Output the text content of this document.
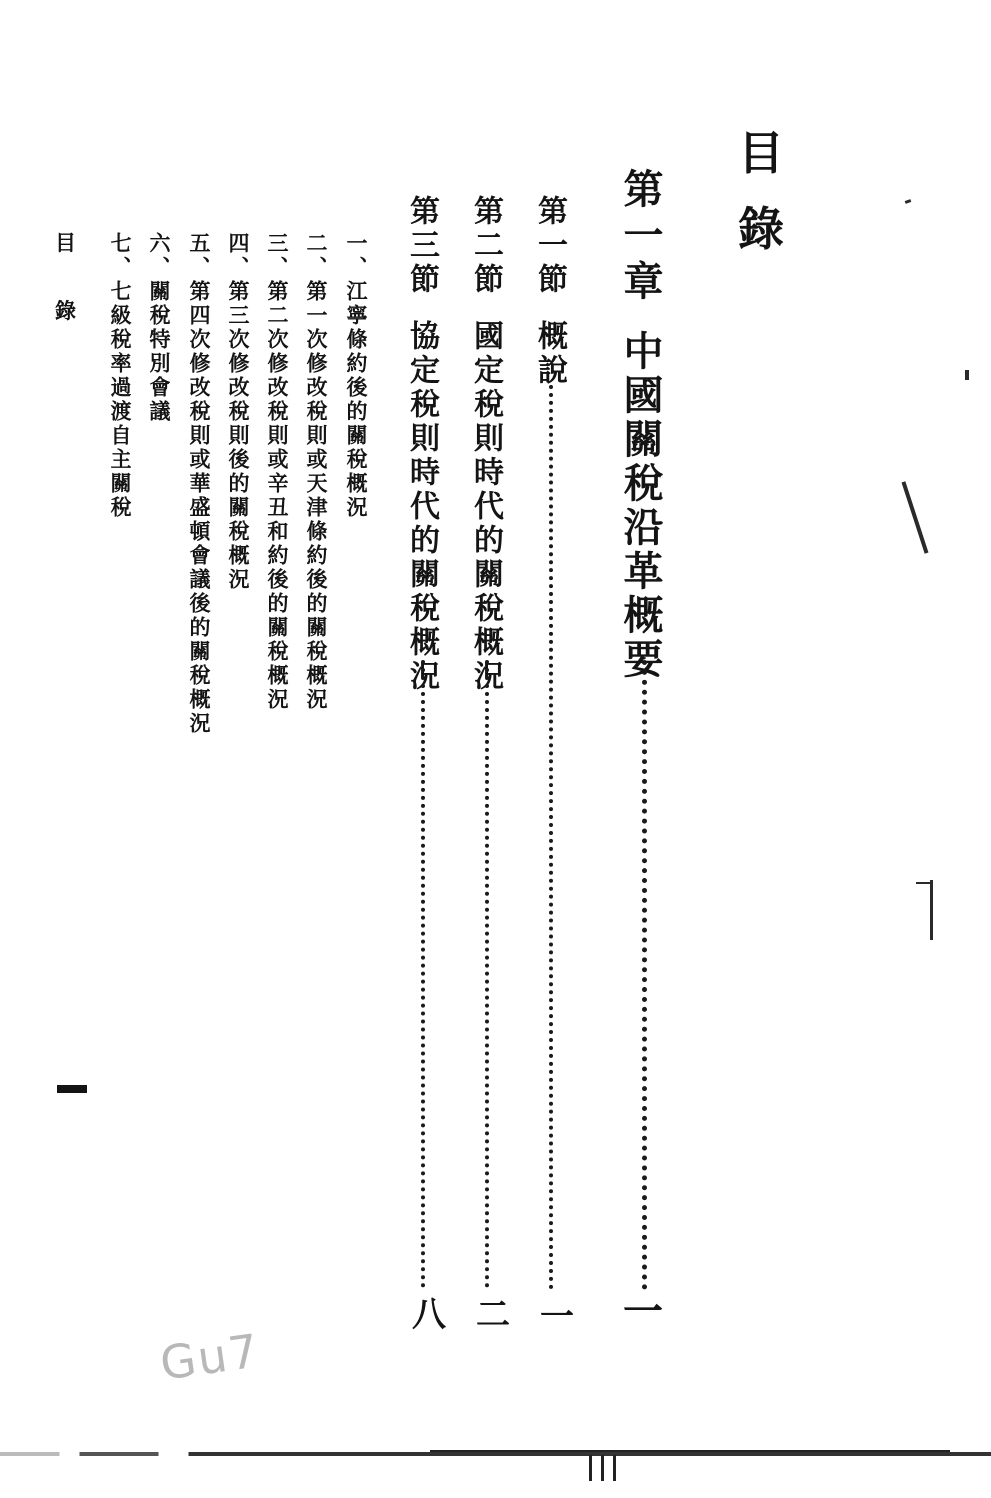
目
錄
第一章
中國關稅沿革概要
一
第一節
概說
一
第二節
國定稅則時代的關稅概況
二
第三節
協定稅則時代的關稅概況
八
一、江寧條約後的關稅概況
二、第一次修改稅則或天津條約後的關稅概況
三、第二次修改稅則或辛丑和約後的關稅概況
四、第三次修改稅則後的關稅概況
五、第四次修改稅則或華盛頓會議後的關稅概況
六、關稅特別會議
七、七級稅率過渡自主關稅
目
錄
Gu7
